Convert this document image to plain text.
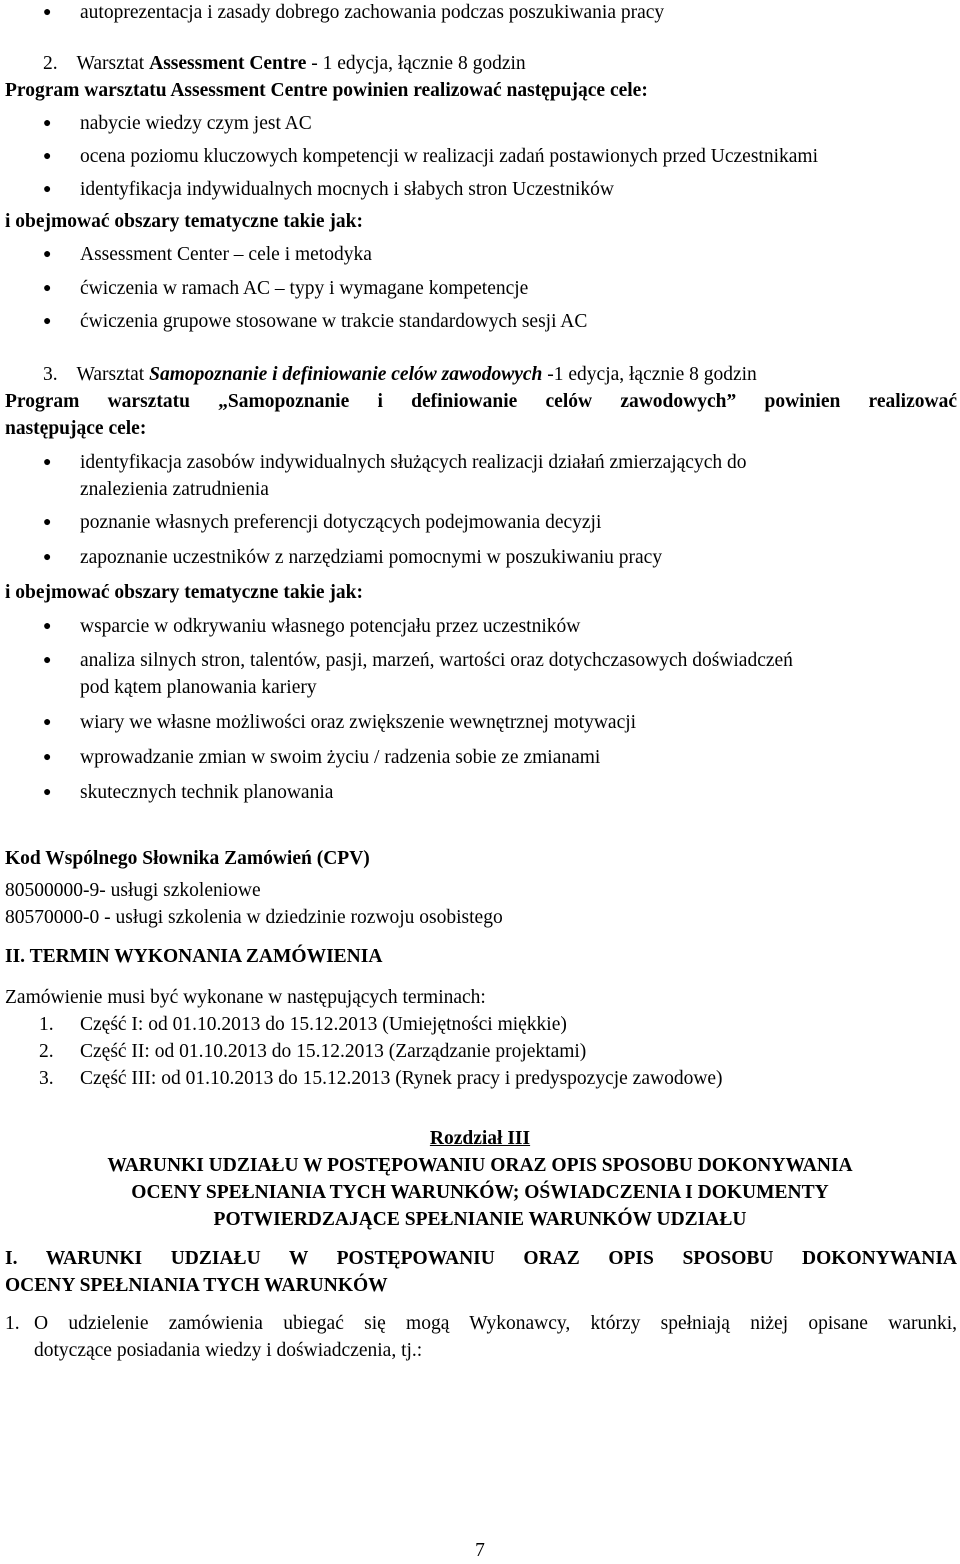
● autoprezentacja i zasady dobrego zachowania podczas poszukiwania pracy
2. Warsztat Assessment Centre - 1 edycja, łącznie 8 godzin
Program warsztatu Assessment Centre powinien realizować następujące cele:
● nabycie wiedzy czym jest AC
● ocena poziomu kluczowych kompetencji w realizacji zadań postawionych przed Uczestnikami
● identyfikacja indywidualnych mocnych i słabych stron Uczestników
i obejmować obszary tematyczne takie jak:
● Assessment Center – cele i metodyka
● ćwiczenia w ramach AC – typy i wymagane kompetencje
● ćwiczenia grupowe stosowane w trakcie standardowych sesji AC
3. Warsztat Samopoznanie i definiowanie celów zawodowych -1 edycja, łącznie 8 godzin
Program warsztatu „Samopoznanie i definiowanie celów zawodowych” powinien realizować
następujące cele:
● identyfikacja zasobów indywidualnych służących realizacji działań zmierzających do
znalezienia zatrudnienia
● poznanie własnych preferencji dotyczących podejmowania decyzji
● zapoznanie uczestników z narzędziami pomocnymi w poszukiwaniu pracy
i obejmować obszary tematyczne takie jak:
● wsparcie w odkrywaniu własnego potencjału przez uczestników
● analiza silnych stron, talentów, pasji, marzeń, wartości oraz dotychczasowych doświadczeń
pod kątem planowania kariery
● wiary we własne możliwości oraz zwiększenie wewnętrznej motywacji
● wprowadzanie zmian w swoim życiu / radzenia sobie ze zmianami
● skutecznych technik planowania
Kod Wspólnego Słownika Zamówień (CPV)
80500000-9- usługi szkoleniowe
80570000-0 - usługi szkolenia w dziedzinie rozwoju osobistego
II. TERMIN WYKONANIA ZAMÓWIENIA
Zamówienie musi być wykonane w następujących terminach:
1. Część I: od 01.10.2013 do 15.12.2013 (Umiejętności miękkie)
2. Część II: od 01.10.2013 do 15.12.2013 (Zarządzanie projektami)
3. Część III: od 01.10.2013 do 15.12.2013 (Rynek pracy i predyspozycje zawodowe)
Rozdział III
WARUNKI UDZIAŁU W POSTĘPOWANIU ORAZ OPIS SPOSOBU DOKONYWANIA
OCENY SPEŁNIANIA TYCH WARUNKÓW; OŚWIADCZENIA I DOKUMENTY
POTWIERDZAJĄCE SPEŁNIANIE WARUNKÓW UDZIAŁU
I. WARUNKI UDZIAŁU W POSTĘPOWANIU ORAZ OPIS SPOSOBU DOKONYWANIA
OCENY SPEŁNIANIA TYCH WARUNKÓW
1. O udzielenie zamówienia ubiegać się mogą Wykonawcy, którzy spełniają niżej opisane warunki,
dotyczące posiadania wiedzy i doświadczenia, tj.:
7
